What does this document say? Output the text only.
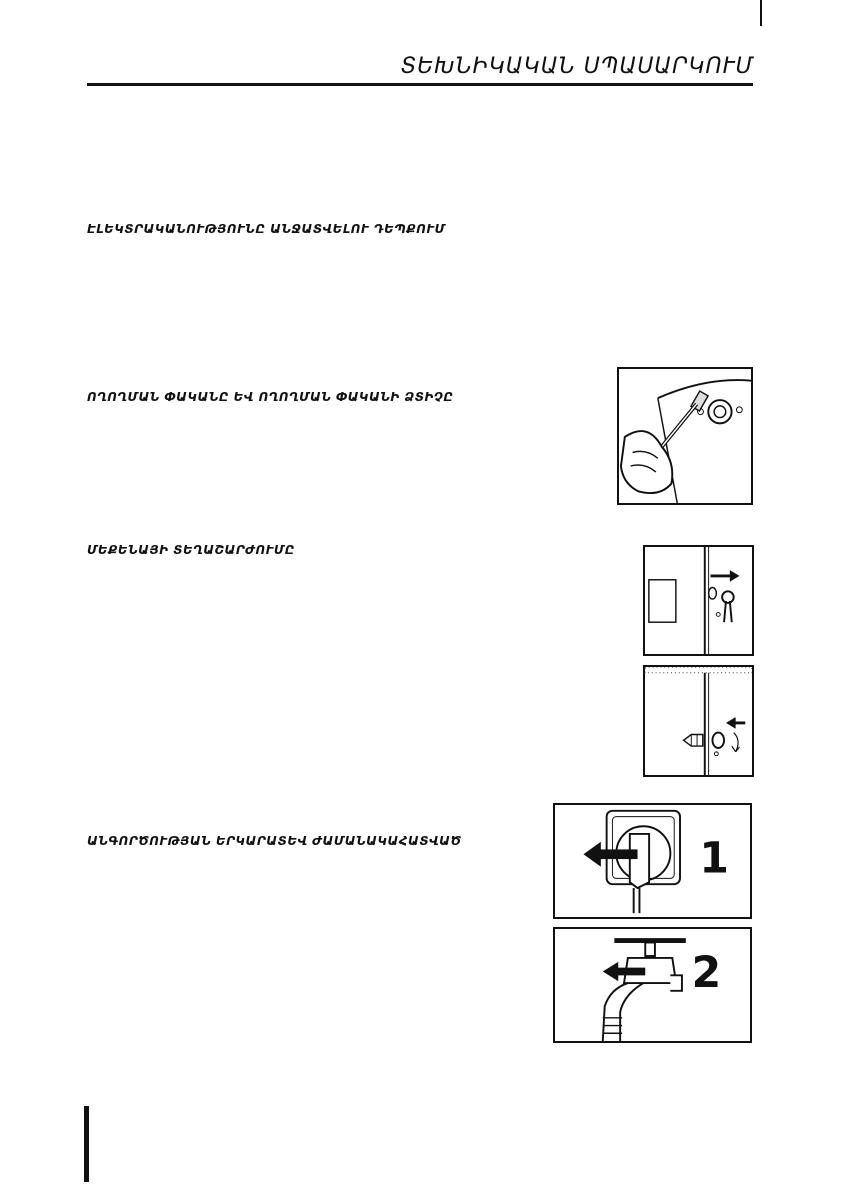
ՏԵԽՆԻԿԱԿԱՆ ՍՊԱՍԱՐԿՈՒՄ
ԷԼԵԿՏՐԱԿԱՆՈՒԹՅՈՒՆԸ ԱՆՋԱՏՎԵԼՈՒ ԴԵՊՔՈՒՄ
ՈՂՈՂՄԱՆ ՓԱԿԱՆԸ ԵՎ ՈՂՈՂՄԱՆ ՓԱԿԱՆԻ ՁՏԻՉԸ
ՄԵՔԵՆԱՅԻ ՏԵՂԱՇԱՐԺՈՒՄԸ
ԱՆԳՈՐԾՈՒԹՅԱՆ ԵՐԿԱՐԱՏԵՎ ԺԱՄԱՆԱԿԱՀԱՏՎԱԾ	1
2
